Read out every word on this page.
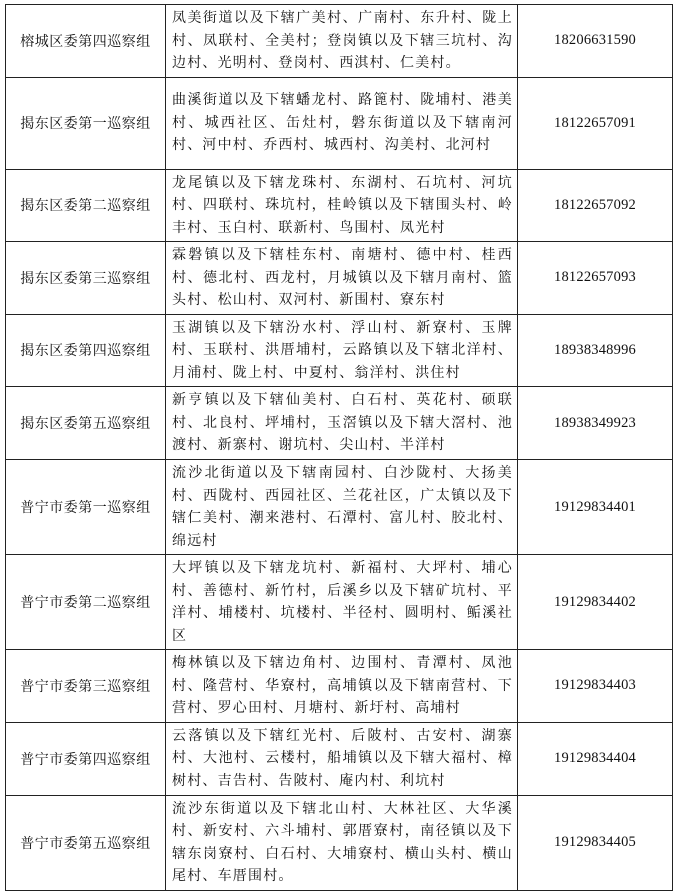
榕城区委第四巡察组	凤美街道以及下辖广美村、广南村、东升村、陇上村、凤联村、全美村；登岗镇以及下辖三坑村、沟边村、光明村、登岗村、西淇村、仁美村。	18206631590
揭东区委第一巡察组	曲溪街道以及下辖蟠龙村、路篦村、陇埔村、港美村、城西社区、缶灶村，磐东街道以及下辖南河村、河中村、乔西村、城西村、沟美村、北河村	18122657091
揭东区委第二巡察组	龙尾镇以及下辖龙珠村、东湖村、石坑村、河坑村、四联村、珠坑村，桂岭镇以及下辖围头村、岭丰村、玉白村、联新村、鸟围村、凤光村	18122657092
揭东区委第三巡察组	霖磐镇以及下辖桂东村、南塘村、德中村、桂西村、德北村、西龙村，月城镇以及下辖月南村、篮头村、松山村、双河村、新围村、寮东村	18122657093
揭东区委第四巡察组	玉湖镇以及下辖汾水村、浮山村、新寮村、玉牌村、玉联村、洪厝埔村，云路镇以及下辖北洋村、月浦村、陇上村、中夏村、翁洋村、洪住村	18938348996
揭东区委第五巡察组	新亨镇以及下辖仙美村、白石村、英花村、硕联村、北良村、坪埔村，玉滘镇以及下辖大滘村、池渡村、新寨村、谢坑村、尖山村、半洋村	18938349923
普宁市委第一巡察组	流沙北街道以及下辖南园村、白沙陇村、大扬美村、西陇村、西园社区、兰花社区，广太镇以及下辖仁美村、潮来港村、石潭村、富儿村、胶北村、绵远村	19129834401
普宁市委第二巡察组	大坪镇以及下辖龙坑村、新福村、大坪村、埔心村、善德村、新竹村，后溪乡以及下辖矿坑村、平洋村、埔楼村、坑楼村、半径村、圆明村、鲘溪社区	19129834402
普宁市委第三巡察组	梅林镇以及下辖边角村、边围村、青潭村、凤池村、隆营村、华寮村，高埔镇以及下辖南营村、下营村、罗心田村、月塘村、新圩村、高埔村	19129834403
普宁市委第四巡察组	云落镇以及下辖红光村、后陂村、古安村、湖寨村、大池村、云楼村，船埔镇以及下辖大福村、樟树村、吉告村、告陂村、庵内村、利坑村	19129834404
普宁市委第五巡察组	流沙东街道以及下辖北山村、大林社区、大华溪村、新安村、六斗埔村、郭厝寮村，南径镇以及下辖东岗寮村、白石村、大埔寮村、横山头村、横山尾村、车厝围村。	19129834405
